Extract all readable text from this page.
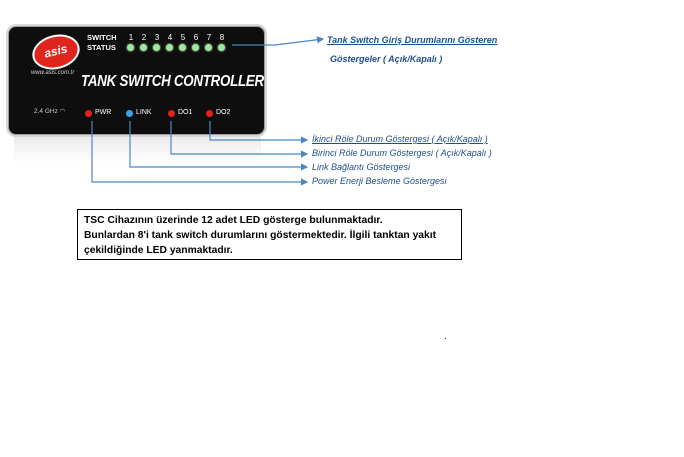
asis
www.asis.com.tr
SWITCH
STATUS
1 2 3 4 5 6 7 8
TANK SWITCH CONTROLLER
2.4 GHz ◠	PWR	LINK	DO1	DO2
Tank Switch Giriş Durumlarını Gösteren
Göstergeler ( Açık/Kapalı )
İkinci Röle Durum Göstergesi ( Açık/Kapalı )
Birinci Röle Durum Göstergesi ( Açık/Kapalı )
Link Bağlantı Göstergesi
Power Enerji Besleme Göstergesi
TSC Cihazının üzerinde 12 adet LED gösterge bulunmaktadır.
Bunlardan 8'i tank switch durumlarını göstermektedir. İlgili tanktan yakıt
çekildiğinde LED yanmaktadır.
